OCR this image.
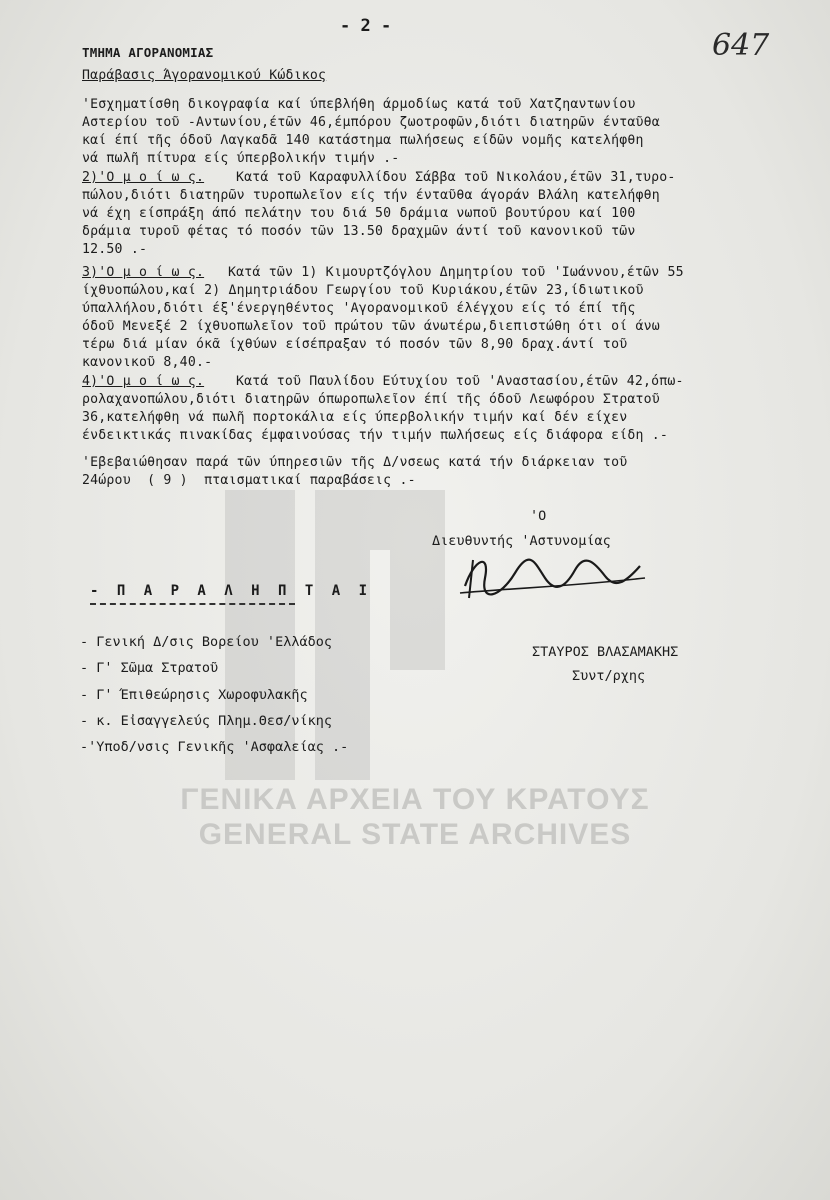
ΓΕΝΙΚΑ ΑΡΧΕΙΑ ΤΟΥ ΚΡΑΤΟΥΣ
GENERAL STATE ARCHIVES
- 2 -
647
ΤΜΗΜΑ ΑΓΟΡΑΝΟΜΙΑΣ
Παράβασις Άγορανομικού Κώδικος
'Εσχηματίσθη δικογραφία καί ύπεβλήθη άρμοδίως κατά τοῦ Χατζηαντωνίου
Αστερίου τοῦ -Αντωνίου,έτῶν 46,έμπόρου ζωοτροφῶν,διότι διατηρῶν ένταῦθα
καί έπί τῆς όδοῦ Λαγκαδᾶ 140 κατάστημα πωλήσεως είδῶν νομῆς κατελήφθη
νά πωλῆ πίτυρα είς ύπερβολικήν τιμήν .-
2)'Ο μ ο ί ω ς. Κατά τοῦ Καραφυλλίδου Σάββα τοῦ Νικολάου,έτῶν 31,τυρο-
πώλου,διότι διατηρῶν τυροπωλεῖον είς τήν ένταῦθα άγοράν Βλάλη κατελήφθη
νά έχη είσπράξη άπό πελάτην του διά 50 δράμια νωποῦ βουτύρου καί 100
δράμια τυροῦ φέτας τό ποσόν τῶν 13.50 δραχμῶν άντί τοῦ κανονικοῦ τῶν
12.50 .-
3)'Ο μ ο ί ω ς. Κατά τῶν 1) Κιμουρτζόγλου Δημητρίου τοῦ 'Ιωάννου,έτῶν 55
ίχθυοπώλου,καί 2) Δημητριάδου Γεωργίου τοῦ Κυριάκου,έτῶν 23,ίδιωτικοῦ
ύπαλλήλου,διότι έξ'ένεργηθέντος 'Αγορανομικοῦ έλέγχου είς τό έπί τῆς
όδοῦ Μενεξέ 2 ίχθυοπωλεῖον τοῦ πρώτου τῶν άνωτέρω,διεπιστώθη ότι οί άνω
τέρω διά μίαν όκᾶ ίχθύων είσέπραξαν τό ποσόν τῶν 8,90 δραχ.άντί τοῦ
κανονικοῦ 8,40.-
4)'Ο μ ο ί ω ς. Κατά τοῦ Παυλίδου Εύτυχίου τοῦ 'Αναστασίου,έτῶν 42,όπω-
ρολαχανοπώλου,διότι διατηρῶν όπωροπωλεῖον έπί τῆς όδοῦ Λεωφόρου Στρατοῦ
36,κατελήφθη νά πωλῆ πορτοκάλια είς ύπερβολικήν τιμήν καί δέν είχεν
ένδεικτικάς πινακίδας έμφαινούσας τήν τιμήν πωλήσεως είς διάφορα είδη .-
'Εβεβαιώθησαν παρά τῶν ύπηρεσιῶν τῆς Δ/νσεως κατά τήν διάρκειαν τοῦ
24ώρου  ( 9 )  πταισματικαί παραβάσεις .-
'Ο
Διευθυντής 'Αστυνομίας
ΣΤΑΥΡΟΣ ΒΛΑΣΑΜΑΚΗΣ
Συντ/ρχης
- Π Α Ρ Α Λ Η Π Τ Α Ι
- Γενική Δ/σις Βορείου 'Ελλάδος
- Γ' Σῶμα Στρατοῦ
- Γ' Έπιθεώρησις Χωροφυλακῆς
- κ. Εἰσαγγελεύς Πλημ.Θεσ/νίκης
-'Υποδ/νσις Γενικῆς 'Ασφαλείας .-
